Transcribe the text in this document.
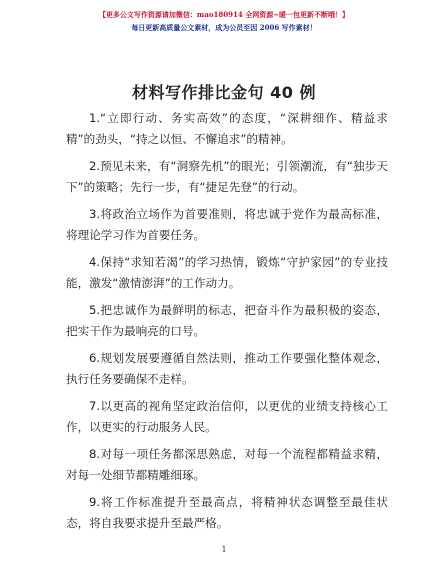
【更多公文写作资源请加微信：mao180914 全网资源~暖一包更新不断哦！】
每日更新高质量公文素材，成为公员至因 2006 写作素材！
材料写作排比金句 40 例
1.“立即行动、务实高效”的态度，“深耕细作、精益求精”的劲头，“持之以恒、不懈追求”的精神。
2.预见未来，有“洞察先机”的眼光；引领潮流，有“独步天下”的策略；先行一步，有“捷足先登”的行动。
3.将政治立场作为首要准则，将忠诚于党作为最高标准，将理论学习作为首要任务。
4.保持“求知若渴”的学习热情，锻炼“守护家园”的专业技能，激发“激情澎湃”的工作动力。
5.把忠诚作为最鲜明的标志，把奋斗作为最积极的姿态，把实干作为最响亮的口号。
6.规划发展要遵循自然法则，推动工作要强化整体观念，执行任务要确保不走样。
7.以更高的视角坚定政治信仰，以更优的业绩支持核心工作，以更实的行动服务人民。
8.对每一项任务都深思熟虑，对每一个流程都精益求精，对每一处细节都精雕细琢。
9.将工作标准提升至最高点，将精神状态调整至最佳状态，将自我要求提升至最严格。
1
